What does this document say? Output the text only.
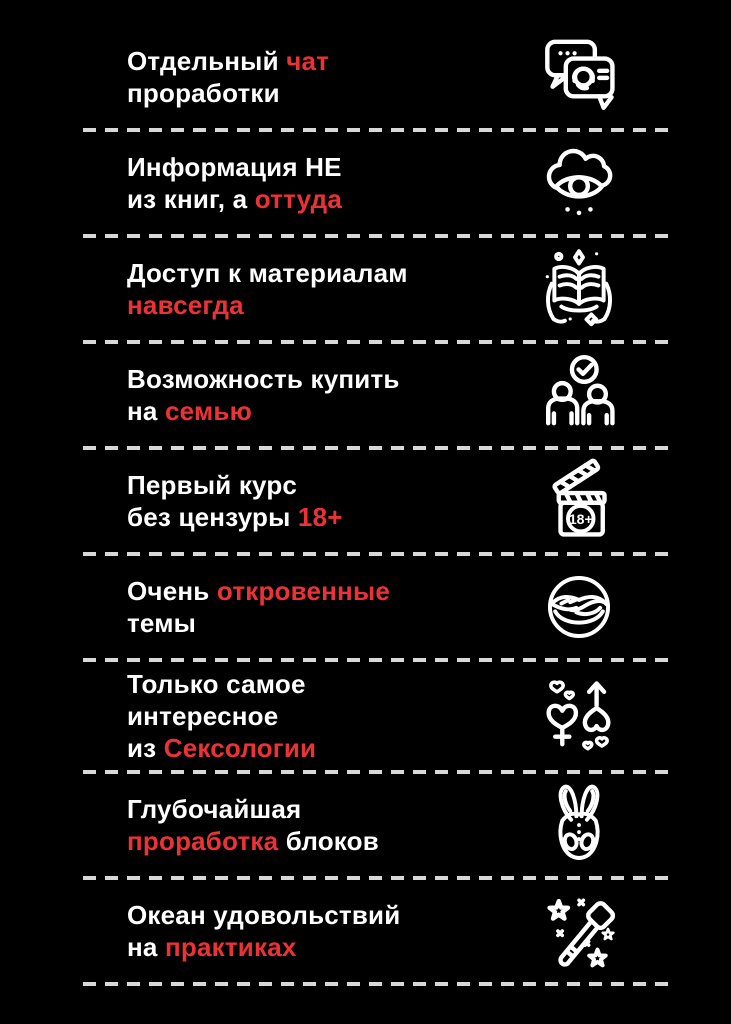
Отдельный чат
проработки
Информация НЕ
из книг, а оттуда
Доступ к материалам
навсегда
Возможность купить
на семью
Первый курс
без цензуры 18+	18+
Очень откровенные
темы
Только самое
интересное
из Сексологии
Глубочайшая
проработка блоков
Океан удовольствий
на практиках
